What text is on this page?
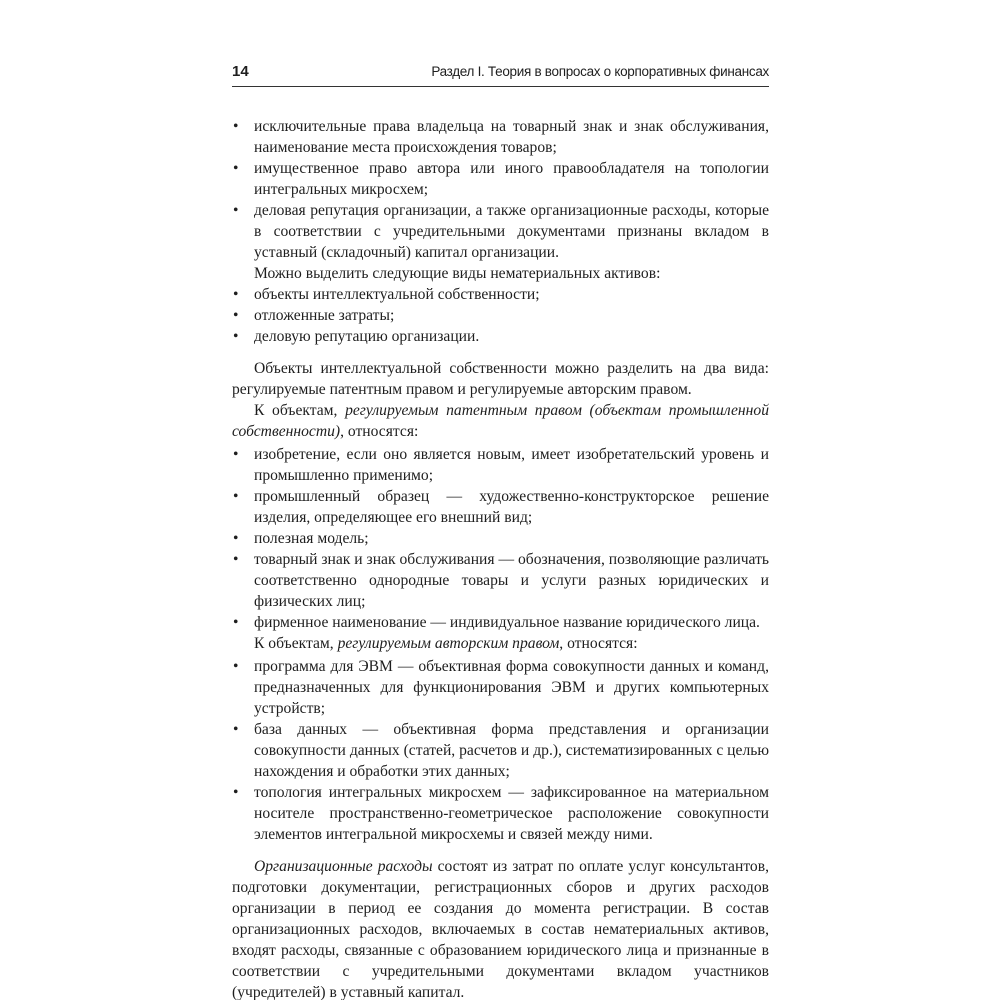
14	Раздел I. Теория в вопросах о корпоративных финансах
• исключительные права владельца на товарный знак и знак обслуживания, наименование места происхождения товаров;
• имущественное право автора или иного правообладателя на топологии интегральных микросхем;
• деловая репутация организации, а также организационные расходы, которые в соответствии с учредительными документами признаны вкладом в уставный (складочный) капитал организации.

Можно выделить следующие виды нематериальных активов:

• объекты интеллектуальной собственности;
• отложенные затраты;
• деловую репутацию организации.

Объекты интеллектуальной собственности можно разделить на два вида: регулируемые патентным правом и регулируемые авторским правом.

К объектам, регулируемым патентным правом (объектам промышленной собственности), относятся:

• изобретение, если оно является новым, имеет изобретательский уровень и промышленно применимо;
• промышленный образец — художественно-конструкторское решение изделия, определяющее его внешний вид;
• полезная модель;
• товарный знак и знак обслуживания — обозначения, позволяющие различать соответственно однородные товары и услуги разных юридических и физических лиц;
• фирменное наименование — индивидуальное название юридического лица.

К объектам, регулируемым авторским правом, относятся:

• программа для ЭВМ — объективная форма совокупности данных и команд, предназначенных для функционирования ЭВМ и других компьютерных устройств;
• база данных — объективная форма представления и организации совокупности данных (статей, расчетов и др.), систематизированных с целью нахождения и обработки этих данных;
• топология интегральных микросхем — зафиксированное на материальном носителе пространственно-геометрическое расположение совокупности элементов интегральной микросхемы и связей между ними.

Организационные расходы состоят из затрат по оплате услуг консультантов, подготовки документации, регистрационных сборов и других расходов организации в период ее создания до момента регистрации. В состав организационных расходов, включаемых в состав нематериальных активов, входят расходы, связанные с образованием юридического лица и признанные в соответствии с учредительными документами вкладом участников (учредителей) в уставный капитал.
